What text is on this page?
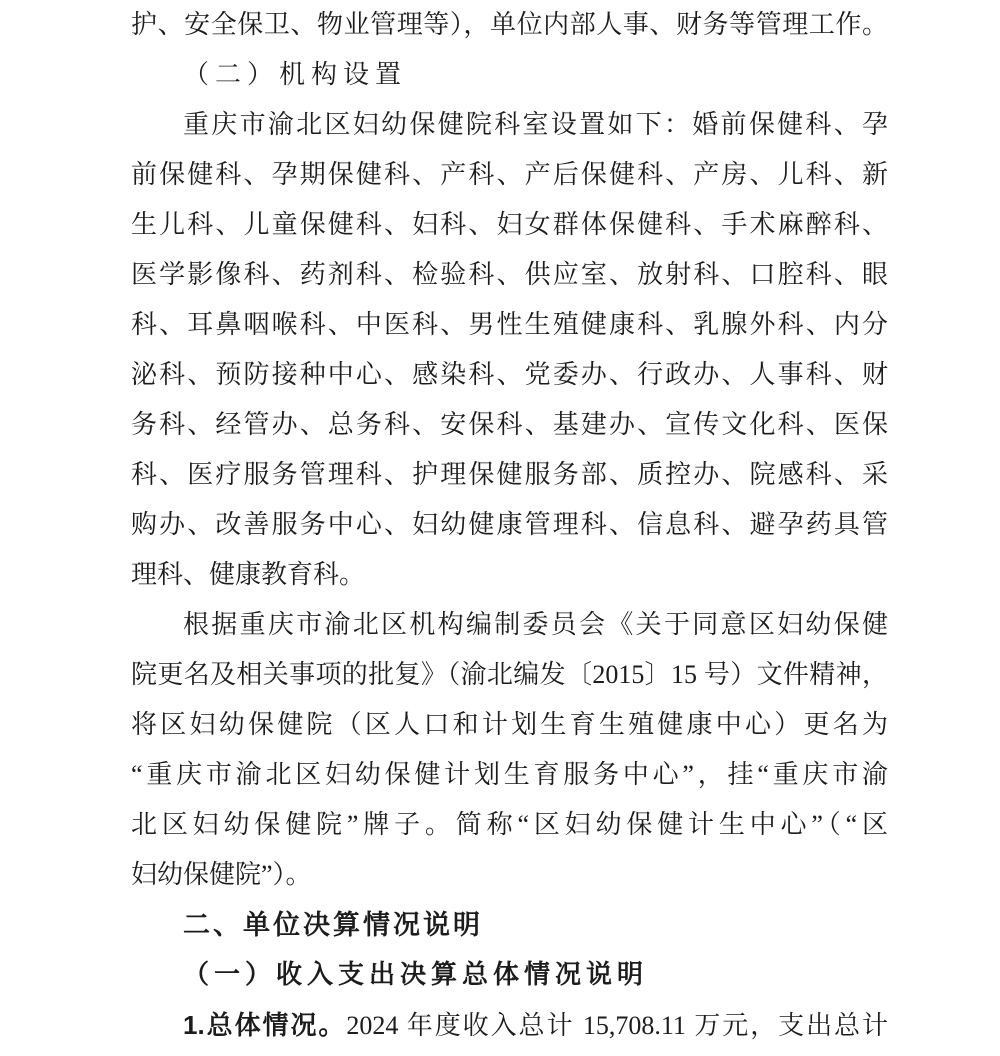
护、安全保卫、物业管理等），单位内部人事、财务等管理工作。
（二）机构设置
重庆市渝北区妇幼保健院科室设置如下：婚前保健科、孕
前保健科、孕期保健科、产科、产后保健科、产房、儿科、新
生儿科、儿童保健科、妇科、妇女群体保健科、手术麻醉科、
医学影像科、药剂科、检验科、供应室、放射科、口腔科、眼
科、耳鼻咽喉科、中医科、男性生殖健康科、乳腺外科、内分
泌科、预防接种中心、感染科、党委办、行政办、人事科、财
务科、经管办、总务科、安保科、基建办、宣传文化科、医保
科、医疗服务管理科、护理保健服务部、质控办、院感科、采
购办、改善服务中心、妇幼健康管理科、信息科、避孕药具管
理科、健康教育科。
根据重庆市渝北区机构编制委员会《关于同意区妇幼保健
院更名及相关事项的批复》（渝北编发〔2015〕15 号）文件精神，
将区妇幼保健院（区人口和计划生育生殖健康中心）更名为
“重庆市渝北区妇幼保健计划生育服务中心”，挂“重庆市渝
北区妇幼保健院”牌子。简称“区妇幼保健计生中心”（“区
妇幼保健院”）。
二、单位决算情况说明
（一）收入支出决算总体情况说明
1.总体情况。2024 年度收入总计 15,708.11 万元，支出总计
